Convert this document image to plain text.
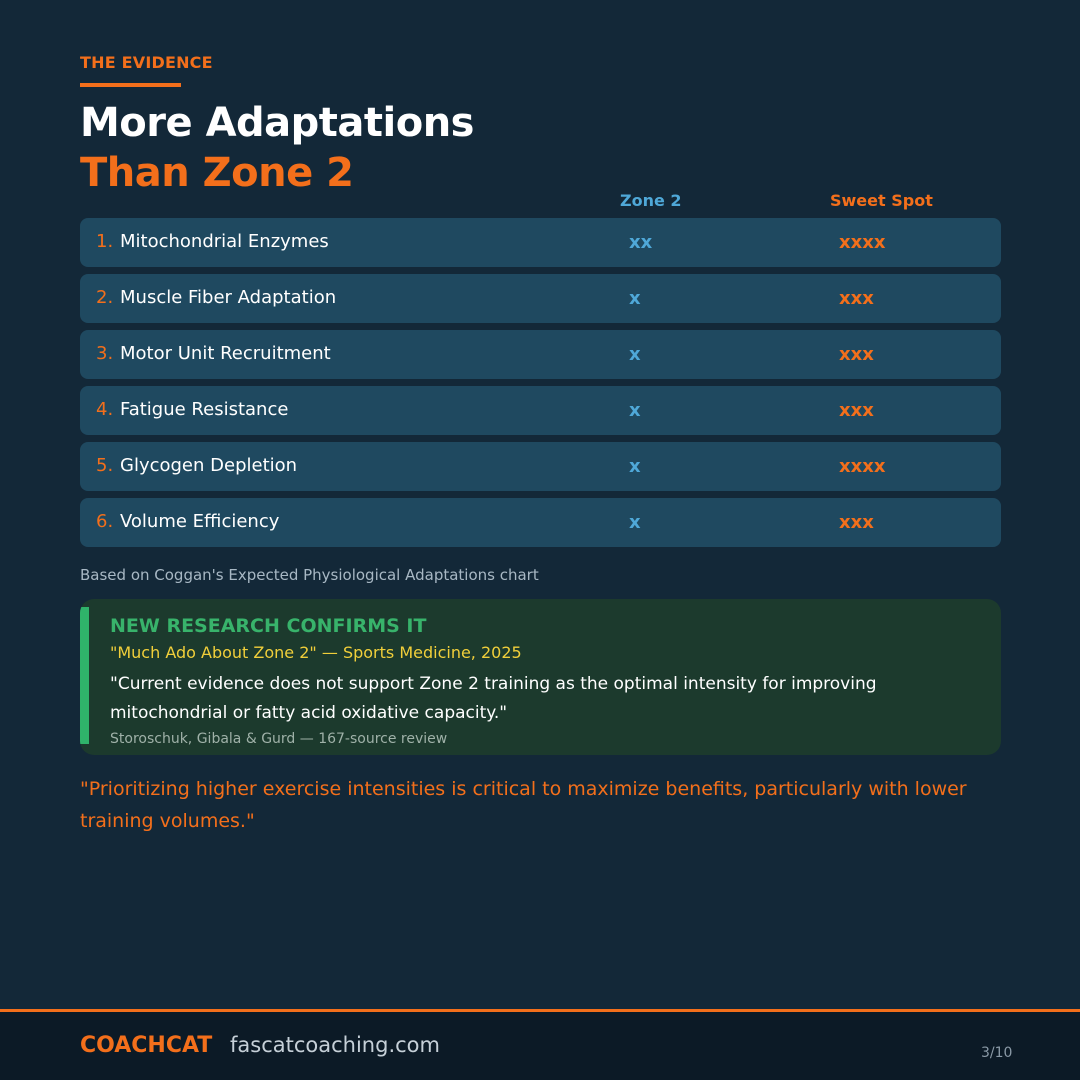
THE EVIDENCE
More Adaptations
Than Zone 2
Zone 2	Sweet Spot
1. Mitochondrial Enzymes	xx	xxxx
2. Muscle Fiber Adaptation	x	xxx
3. Motor Unit Recruitment	x	xxx
4. Fatigue Resistance	x	xxx
5. Glycogen Depletion	x	xxxx
6. Volume Efficiency	x	xxx
Based on Coggan's Expected Physiological Adaptations chart
NEW RESEARCH CONFIRMS IT
"Much Ado About Zone 2" — Sports Medicine, 2025
"Current evidence does not support Zone 2 training as the optimal intensity for improving mitochondrial or fatty acid oxidative capacity."
Storoschuk, Gibala & Gurd — 167-source review
"Prioritizing higher exercise intensities is critical to maximize benefits, particularly with lower training volumes."
COACHCAT fascatcoaching.com	3/10
